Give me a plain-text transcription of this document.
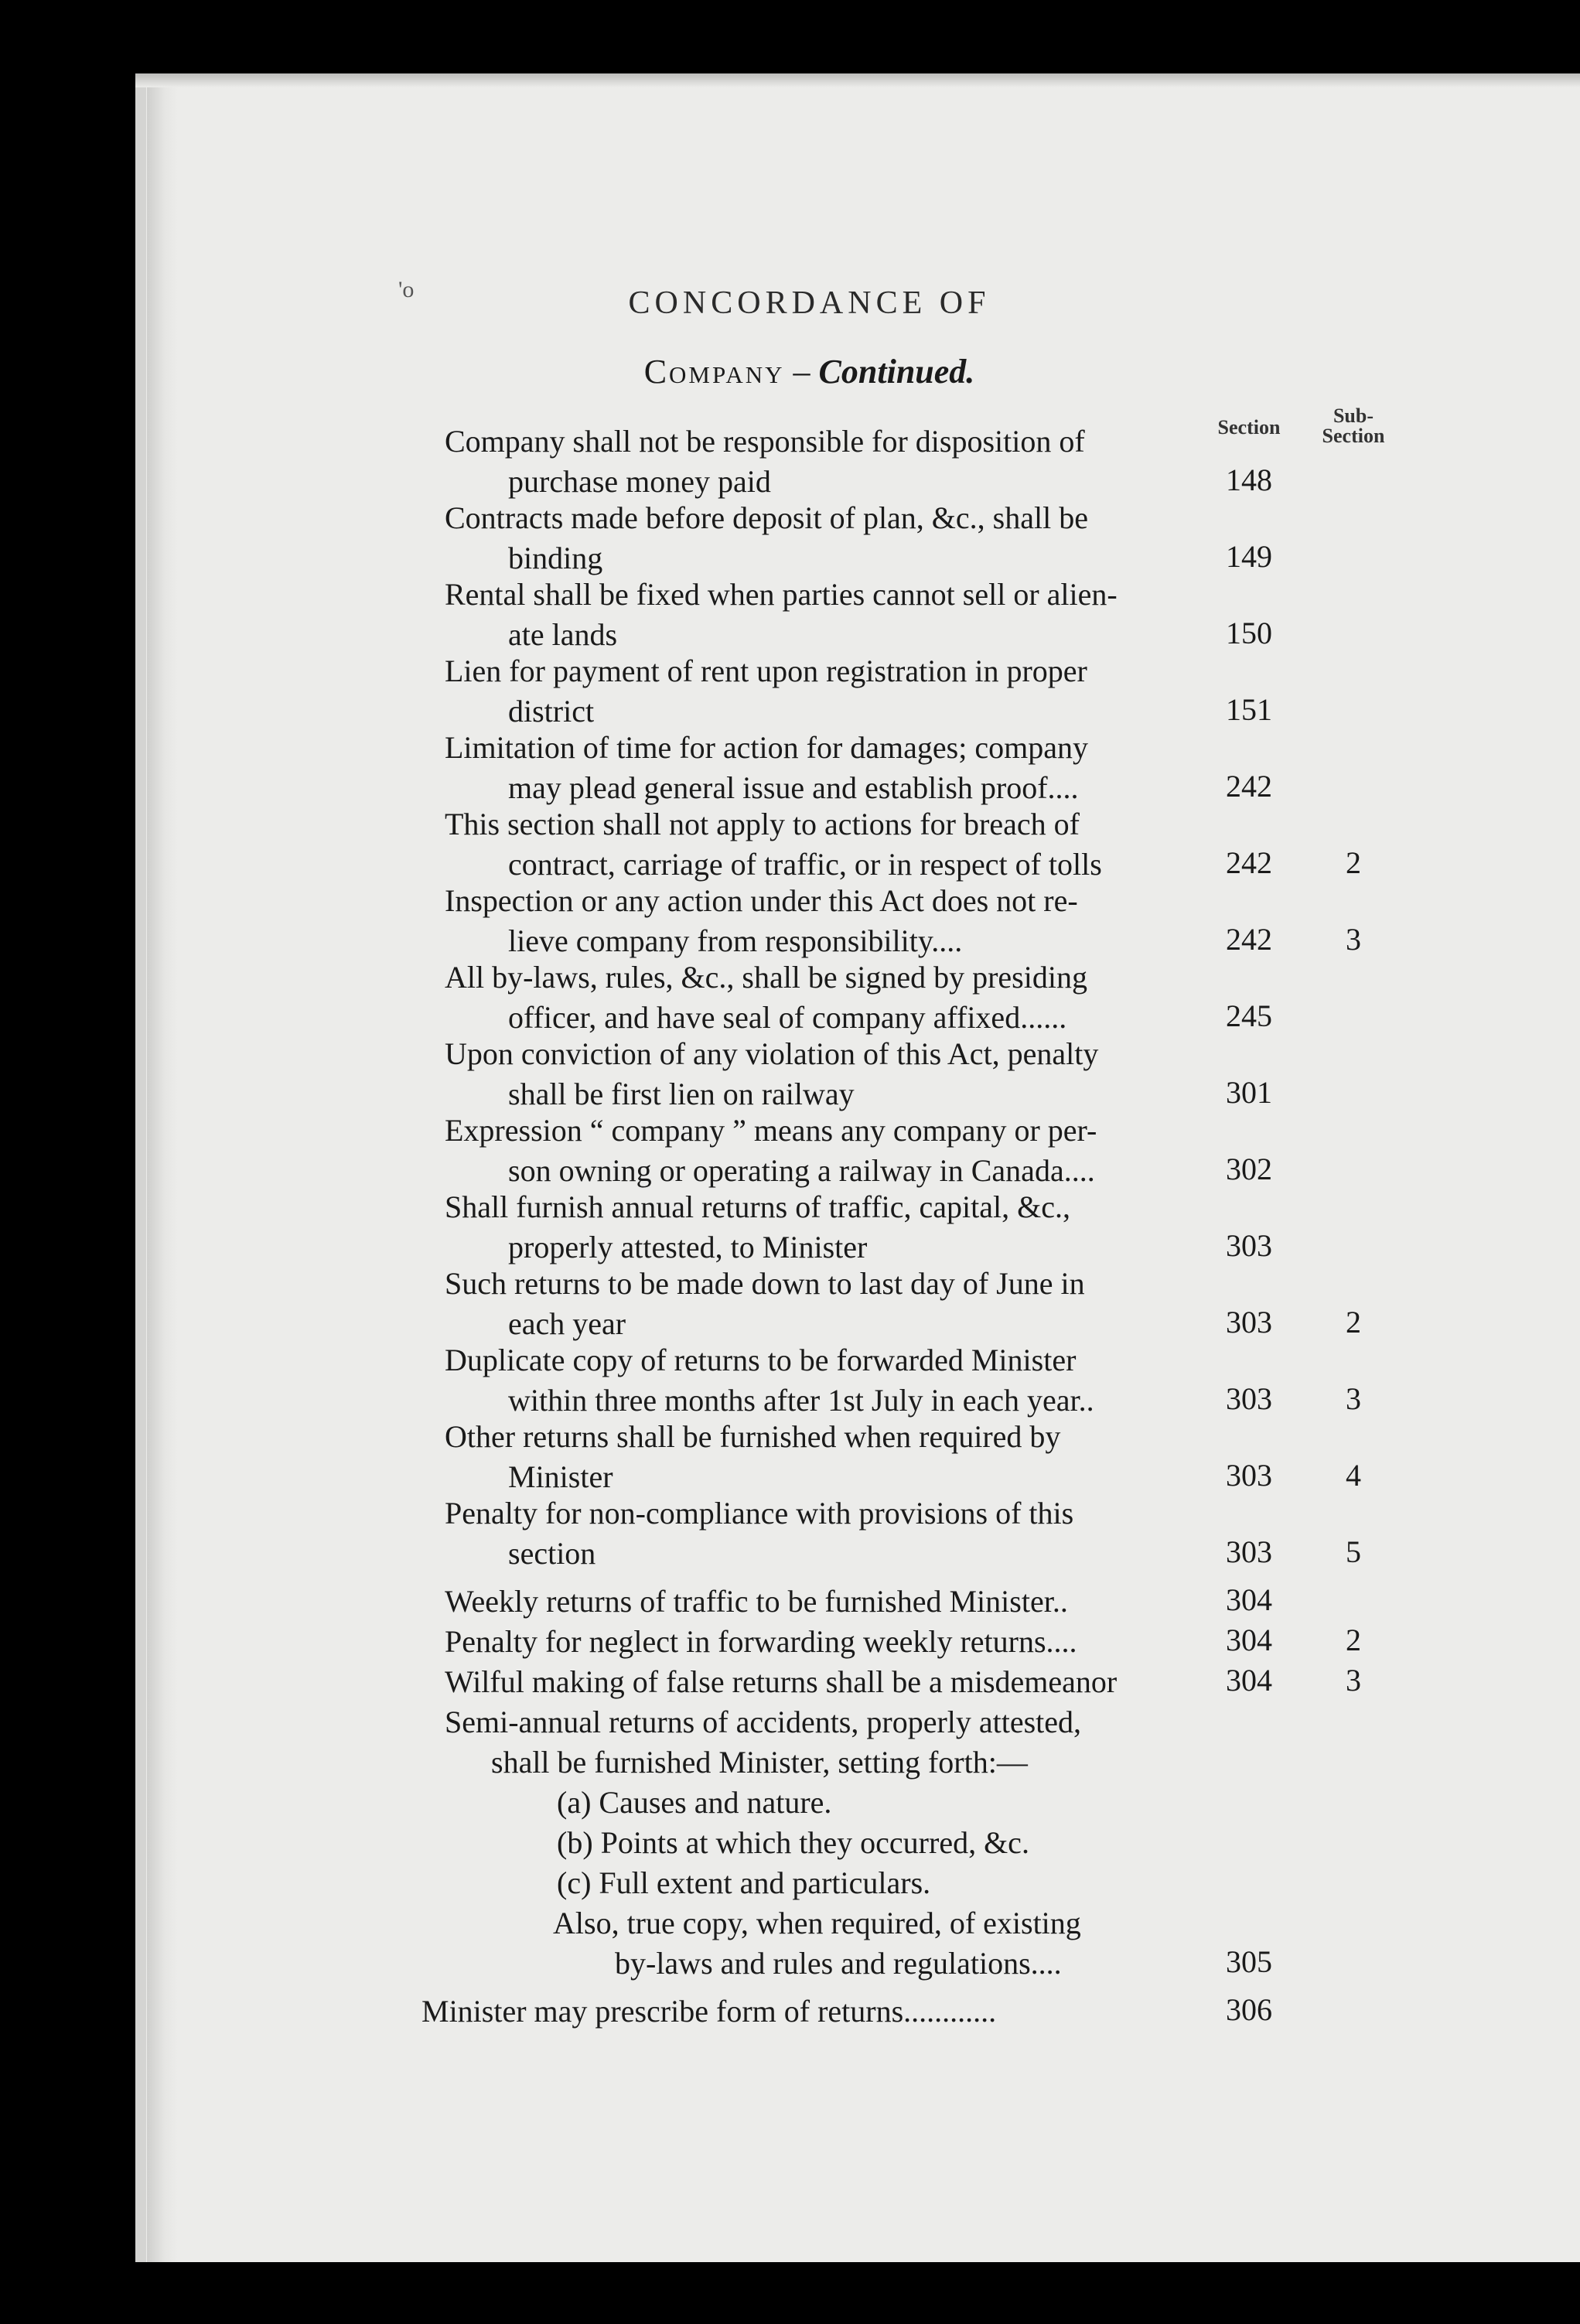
'o	CONCORDANCE OF
Company – Continued.
Section
Sub-
Section
Company shall not be responsible for disposition of
purchase money paid	148
Contracts made before deposit of plan, &c., shall be
binding	149
Rental shall be fixed when parties cannot sell or alien-
ate lands	150
Lien for payment of rent upon registration in proper
district	151
Limitation of time for action for damages; company
may plead general issue and establish proof....	242
This section shall not apply to actions for breach of
contract, carriage of traffic, or in respect of tolls	242	2
Inspection or any action under this Act does not re-
lieve company from responsibility....	242	3
All by-laws, rules, &c., shall be signed by presiding
officer, and have seal of company affixed......	245
Upon conviction of any violation of this Act, penalty
shall be first lien on railway	301
Expression “ company ” means any company or per-
son owning or operating a railway in Canada....	302
Shall furnish annual returns of traffic, capital, &c.,
properly attested, to Minister	303
Such returns to be made down to last day of June in
each year	303	2
Duplicate copy of returns to be forwarded Minister
within three months after 1st July in each year..	303	3
Other returns shall be furnished when required by
Minister	303	4
Penalty for non-compliance with provisions of this
section	303	5
Weekly returns of traffic to be furnished Minister..	304
Penalty for neglect in forwarding weekly returns....	304	2
Wilful making of false returns shall be a misdemeanor	304	3
Semi-annual returns of accidents, properly attested,
shall be furnished Minister, setting forth:—
(a) Causes and nature.
(b) Points at which they occurred, &c.
(c) Full extent and particulars.
Also, true copy, when required, of existing
by-laws and rules and regulations....	305
Minister may prescribe form of returns............	306
